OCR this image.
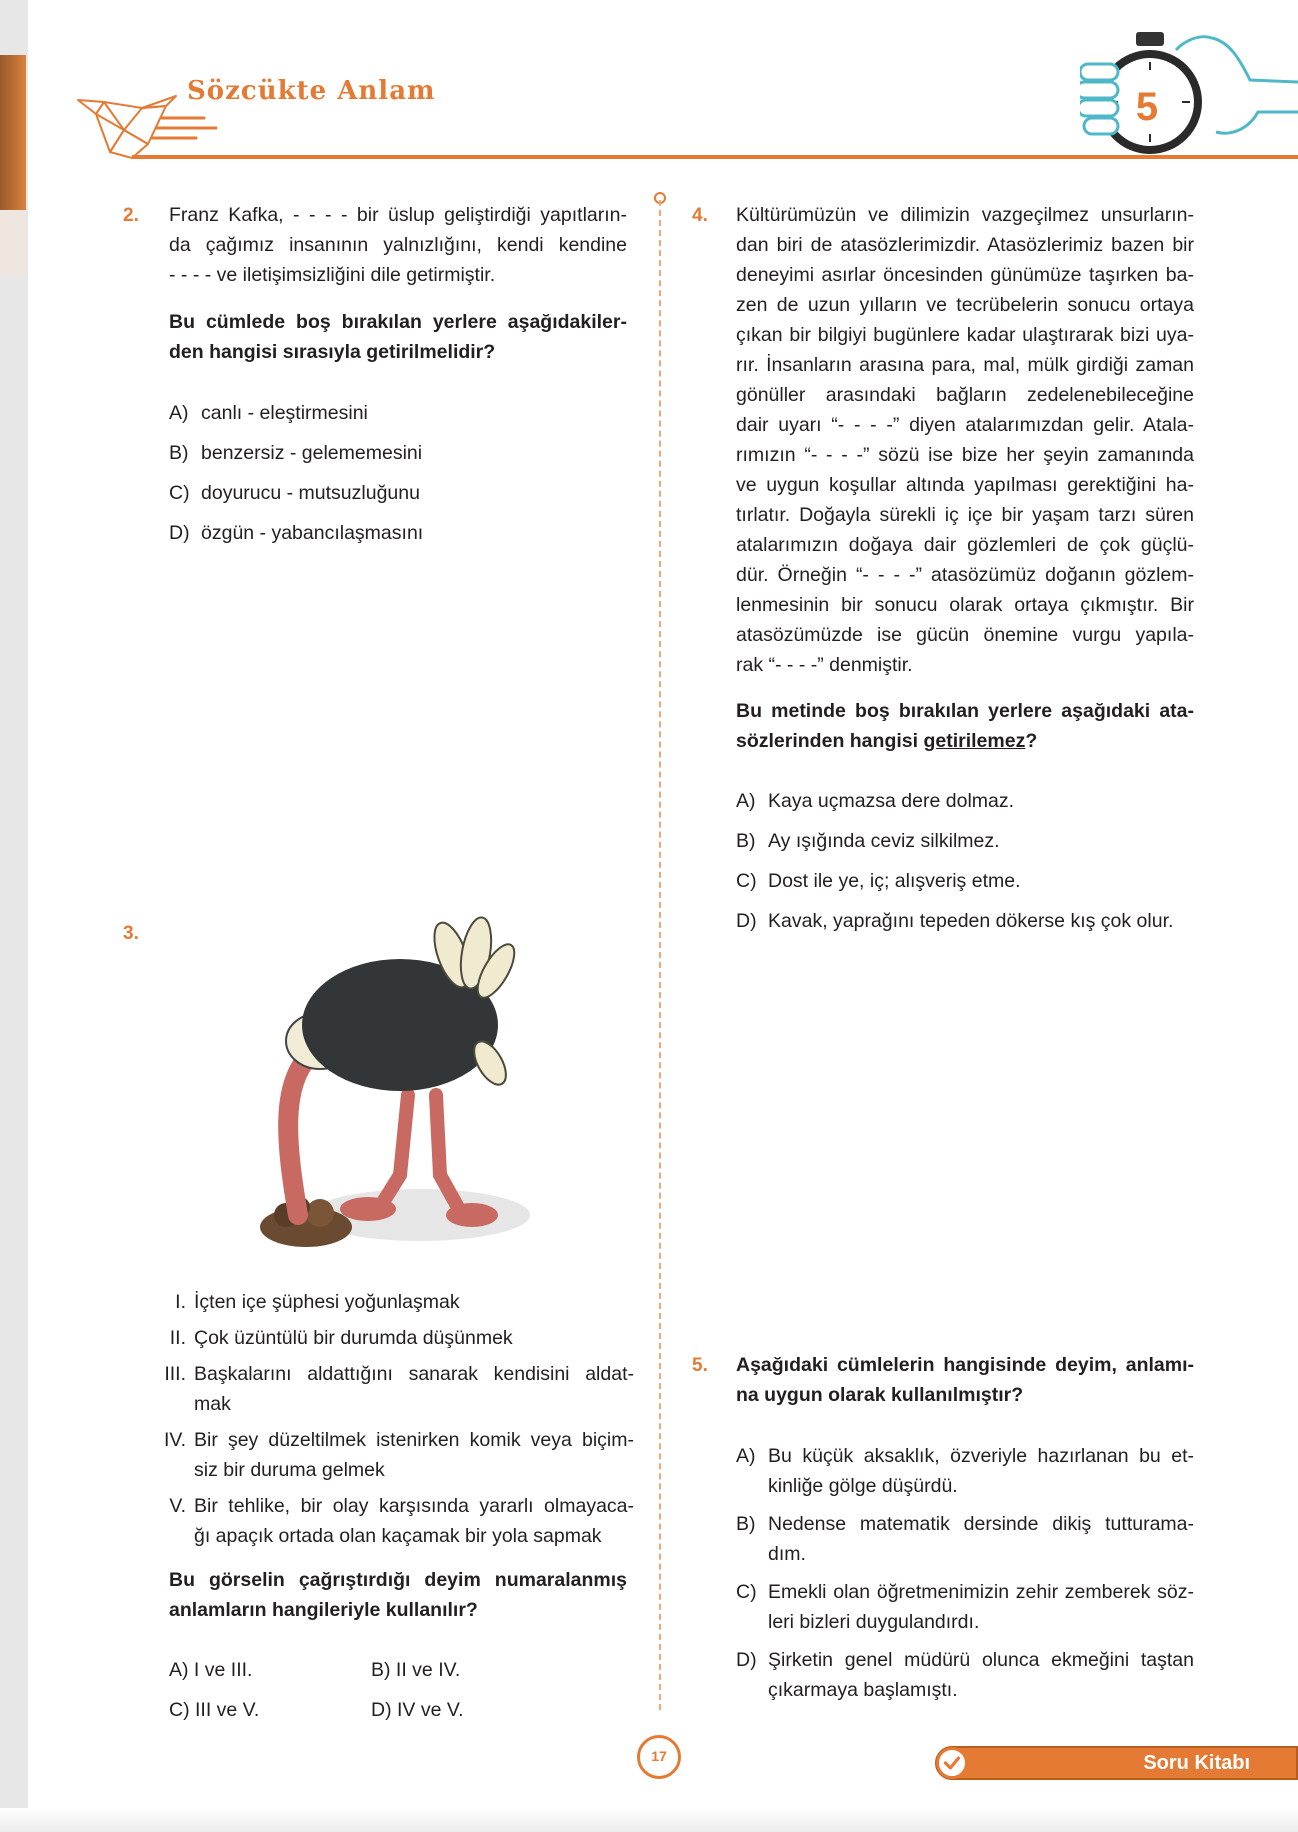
Sözcükte Anlam	5
2. Franz Kafka, - - - - bir üslup geliştirdiği yapıtların-
da çağımız insanının yalnızlığını, kendi kendine
- - - - ve iletişimsizliğini dile getirmiştir.
Bu cümlede boş bırakılan yerlere aşağıdakiler-
den hangisi sırasıyla getirilmelidir?
A) canlı - eleştirmesini
B) benzersiz - gelememesini
C) doyurucu - mutsuzluğunu
D) özgün - yabancılaşmasını
3.
I. İçten içe şüphesi yoğunlaşmak
II. Çok üzüntülü bir durumda düşünmek
III. Başkalarını aldattığını sanarak kendisini aldat-
mak
IV. Bir şey düzeltilmek istenirken komik veya biçim-
siz bir duruma gelmek
V. Bir tehlike, bir olay karşısında yararlı olmayaca-
ğı apaçık ortada olan kaçamak bir yola sapmak
Bu görselin çağrıştırdığı deyim numaralanmış
anlamların hangileriyle kullanılır?
A) I ve III.	B) II ve IV.
C) III ve V.	D) IV ve V.
4. Kültürümüzün ve dilimizin vazgeçilmez unsurların-
dan biri de atasözlerimizdir. Atasözlerimiz bazen bir
deneyimi asırlar öncesinden günümüze taşırken ba-
zen de uzun yılların ve tecrübelerin sonucu ortaya
çıkan bir bilgiyi bugünlere kadar ulaştırarak bizi uya-
rır. İnsanların arasına para, mal, mülk girdiği zaman
gönüller arasındaki bağların zedelenebileceğine
dair uyarı “- - - -” diyen atalarımızdan gelir. Atala-
rımızın “- - - -” sözü ise bize her şeyin zamanında
ve uygun koşullar altında yapılması gerektiğini ha-
tırlatır. Doğayla sürekli iç içe bir yaşam tarzı süren
atalarımızın doğaya dair gözlemleri de çok güçlü-
dür. Örneğin “- - - -” atasözümüz doğanın gözlem-
lenmesinin bir sonucu olarak ortaya çıkmıştır. Bir
atasözümüzde ise gücün önemine vurgu yapıla-
rak “- - - -” denmiştir.
Bu metinde boş bırakılan yerlere aşağıdaki ata-
sözlerinden hangisi getirilemez?
A) Kaya uçmazsa dere dolmaz.
B) Ay ışığında ceviz silkilmez.
C) Dost ile ye, iç; alışveriş etme.
D) Kavak, yaprağını tepeden dökerse kış çok olur.
5. Aşağıdaki cümlelerin hangisinde deyim, anlamı-
na uygun olarak kullanılmıştır?
A) Bu küçük aksaklık, özveriyle hazırlanan bu et-
kinliğe gölge düşürdü.
B) Nedense matematik dersinde dikiş tutturama-
dım.
C) Emekli olan öğretmenimizin zehir zemberek söz-
leri bizleri duygulandırdı.
D) Şirketin genel müdürü olunca ekmeğini taştan
çıkarmaya başlamıştı.
17	Soru Kitabı
